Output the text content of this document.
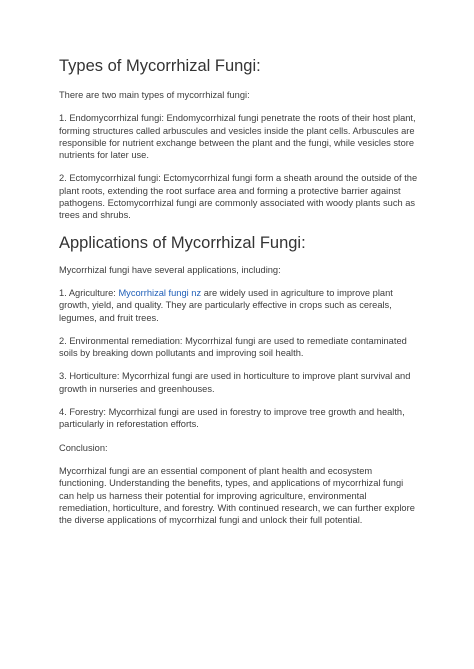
Types of Mycorrhizal Fungi:

There are two main types of mycorrhizal fungi:

1. Endomycorrhizal fungi: Endomycorrhizal fungi penetrate the roots of their host plant, forming structures called arbuscules and vesicles inside the plant cells. Arbuscules are responsible for nutrient exchange between the plant and the fungi, while vesicles store nutrients for later use.

2. Ectomycorrhizal fungi: Ectomycorrhizal fungi form a sheath around the outside of the plant roots, extending the root surface area and forming a protective barrier against pathogens. Ectomycorrhizal fungi are commonly associated with woody plants such as trees and shrubs.

Applications of Mycorrhizal Fungi:

Mycorrhizal fungi have several applications, including:

1. Agriculture: Mycorrhizal fungi nz are widely used in agriculture to improve plant growth, yield, and quality. They are particularly effective in crops such as cereals, legumes, and fruit trees.

2. Environmental remediation: Mycorrhizal fungi are used to remediate contaminated soils by breaking down pollutants and improving soil health.

3. Horticulture: Mycorrhizal fungi are used in horticulture to improve plant survival and growth in nurseries and greenhouses.

4. Forestry: Mycorrhizal fungi are used in forestry to improve tree growth and health, particularly in reforestation efforts.

Conclusion:

Mycorrhizal fungi are an essential component of plant health and ecosystem functioning. Understanding the benefits, types, and applications of mycorrhizal fungi can help us harness their potential for improving agriculture, environmental remediation, horticulture, and forestry. With continued research, we can further explore the diverse applications of mycorrhizal fungi and unlock their full potential.
